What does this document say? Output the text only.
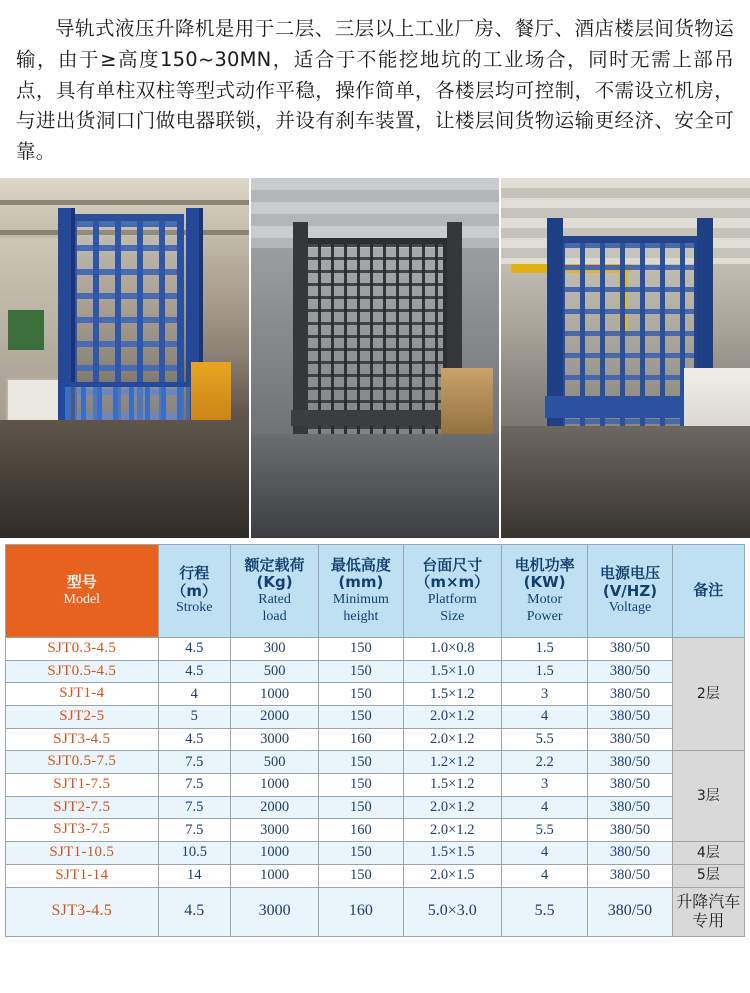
导轨式液压升降机是用于二层、三层以上工业厂房、餐厅、酒店楼层间货物运输，由于≥高度150~30MN，适合于不能挖地坑的工业场合，同时无需上部吊点，具有单柱双柱等型式动作平稳，操作简单，各楼层均可控制，不需设立机房，与进出货洞口门做电器联锁，并设有刹车装置，让楼层间货物运输更经济、安全可靠。
型号
Model	行程
（m）
Stroke	额定载荷
(Kg)
Rated
load	最低高度
(mm)
Minimum
height	台面尺寸
（m×m）
Platform
Size	电机功率
(KW)
Motor
Power	电源电压
(V/HZ)
Voltage	备注

SJT0.3-4.5	4.5	300	150	1.0×0.8	1.5	380/50	2层
SJT0.5-4.5	4.5	500	150	1.5×1.0	1.5	380/50	
SJT1-4	4	1000	150	1.5×1.2	3	380/50	
SJT2-5	5	2000	150	2.0×1.2	4	380/50	
SJT3-4.5	4.5	3000	160	2.0×1.2	5.5	380/50	
SJT0.5-7.5	7.5	500	150	1.2×1.2	2.2	380/50	3层
SJT1-7.5	7.5	1000	150	1.5×1.2	3	380/50	
SJT2-7.5	7.5	2000	150	2.0×1.2	4	380/50	
SJT3-7.5	7.5	3000	160	2.0×1.2	5.5	380/50	
SJT1-10.5	10.5	1000	150	1.5×1.5	4	380/50	4层
SJT1-14	14	1000	150	2.0×1.5	4	380/50	5层
SJT3-4.5	4.5	3000	160	5.0×3.0	5.5	380/50	升降汽车
专用
